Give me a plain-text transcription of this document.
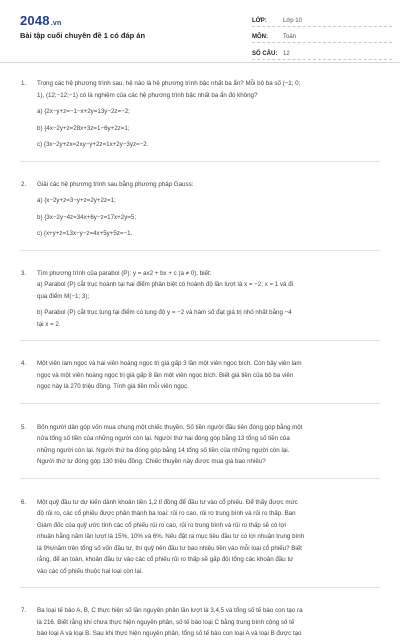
2048.vn
Bài tập cuối chuyên đề 1 có đáp án
LỚP:	Lớp 10
MÔN:	Toán
SỐ CÂU: 12
1. Trong các hệ phương trình sau, hệ nào là hệ phương trình bậc nhất ba ẩn? Mỗi bộ ba số (−1; 0;
1), (12;−12;−1) có là nghiệm của các hệ phương trình bậc nhất ba ẩn đó không?
a) {2x−y+z=−1−x+2y=13y−2z=−2;
b) {4x−2y+z=28x+3z=1−6y+2z=1;
c) {3x−2y+zx=2xy−y+2z=1x+2y−3yz=−2.
2. Giải các hệ phương trình sau bằng phương pháp Gauss:
a) {x−2y+z=3−y+z=2y+2z=1;
b) {3x−2y−4z=34x+6y−z=17x+2y=5;
c) {x+y+z=13x−y−z=4x+5y+5z=−1.
3. Tìm phương trình của parabol (P): y = ax2 + bx + c (a ≠ 0), biết:
a) Parabol (P) cắt trục hoành tại hai điểm phân biệt có hoành độ lần lượt là x = −2; x = 1 và đi
qua điểm M(−1; 3);
b) Parabol (P) cắt trục tung tại điểm có tung độ y = −2 và hàm số đạt giá trị nhỏ nhất bằng −4
tại x = 2.
4. Một viên lam ngọc và hai viên hoàng ngọc trị giá gấp 3 lần một viên ngọc bích. Còn bảy viên lam
ngọc và một viên hoàng ngọc trị giá gấp 8 lần một viên ngọc bích. Biết giá tiền của bộ ba viên
ngọc này là 270 triệu đồng. Tính giá tiền mỗi viên ngọc.
5. Bốn người dân góp vốn mua chung một chiếc thuyền. Số tiền người đầu tiên đóng góp bằng một
nửa tổng số tiền của những người còn lại. Người thứ hai đóng góp bằng 13 tổng số tiền của
những người còn lại. Người thứ ba đóng góp bằng 14 tổng số tiền của những người còn lại.
Người thứ tư đóng góp 130 triệu đồng. Chiếc thuyền này được mua giá bao nhiêu?
6. Một quỹ đầu tư dự kiến dành khoản tiền 1,2 tỉ đồng để đầu tư vào cổ phiếu. Để thấy được mức
độ rủi ro, các cổ phiếu được phân thành ba loại: rủi ro cao, rủi ro trung bình và rủi ro thấp. Ban
Giám đốc của quỹ ước tính các cổ phiếu rủi ro cao, rủi ro trung bình và rủi ro thấp sẽ có lợi
nhuận hằng năm lần lượt là 15%, 10% và 6%. Nếu đặt ra mục tiêu đầu tư có lợi nhuận trung bình
là 9%/năm trên tổng số vốn đầu tư, thì quỹ nên đầu tư bao nhiêu tiền vào mỗi loại cổ phiếu? Biết
rằng, để an toàn, khoản đầu tư vào các cổ phiếu rủi ro thấp sẽ gấp đôi tổng các khoản đầu tư
vào các cổ phiếu thuộc hai loại còn lại.
7. Ba loại tế bào A, B, C thực hiện số lần nguyên phân lần lượt là 3,4,5 và tổng số tế bào con tạo ra
là 216. Biết rằng khi chưa thực hiện nguyên phân, số tế bào loại C bằng trung bình cộng số tế
bào loại A và loại B. Sau khi thực hiện nguyên phân, tổng số tế bào con loại A và loại B được tạo
